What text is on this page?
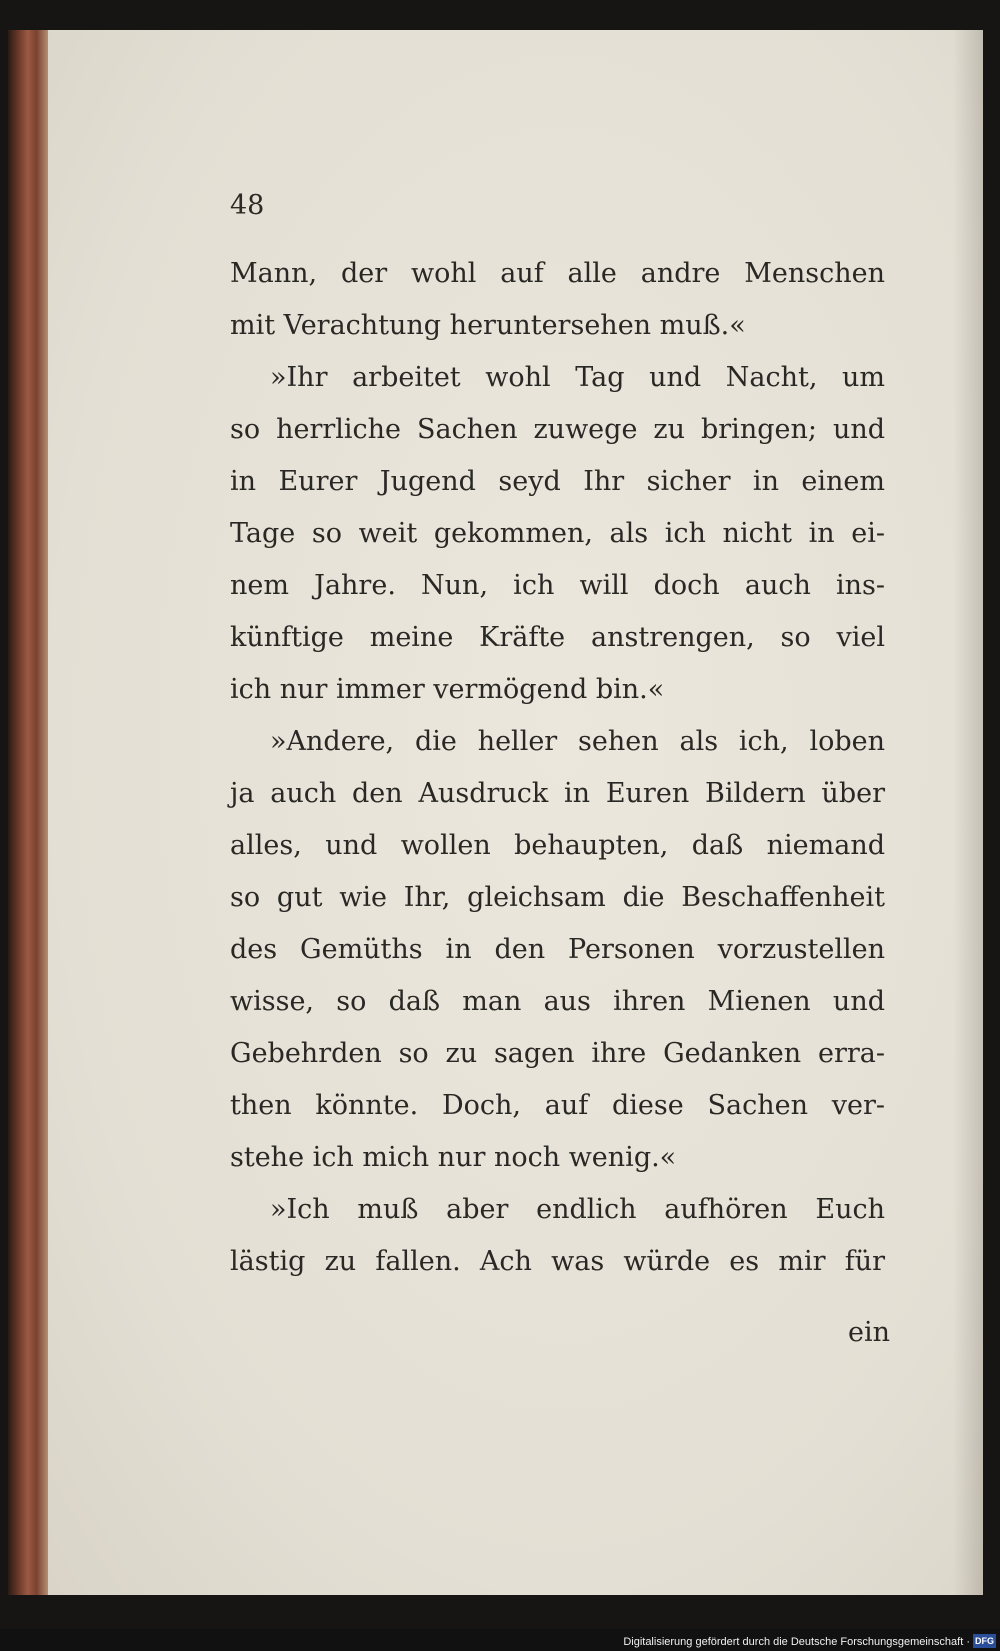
48
Mann, der wohl auf alle andre Menschen
mit Verachtung heruntersehen muß.«
»Ihr arbeitet wohl Tag und Nacht, um
so herrliche Sachen zuwege zu bringen; und
in Eurer Jugend seyd Ihr sicher in einem
Tage so weit gekommen, als ich nicht in ei-
nem Jahre. Nun, ich will doch auch ins-
künftige meine Kräfte anstrengen, so viel
ich nur immer vermögend bin.«
»Andere, die heller sehen als ich, loben
ja auch den Ausdruck in Euren Bildern über
alles, und wollen behaupten, daß niemand
so gut wie Ihr, gleichsam die Beschaffenheit
des Gemüths in den Personen vorzustellen
wisse, so daß man aus ihren Mienen und
Gebehrden so zu sagen ihre Gedanken erra-
then könnte. Doch, auf diese Sachen ver-
stehe ich mich nur noch wenig.«
»Ich muß aber endlich aufhören Euch
lästig zu fallen. Ach was würde es mir für
ein
Digitalisierung gefördert durch die Deutsche Forschungsgemeinschaft · DFG
